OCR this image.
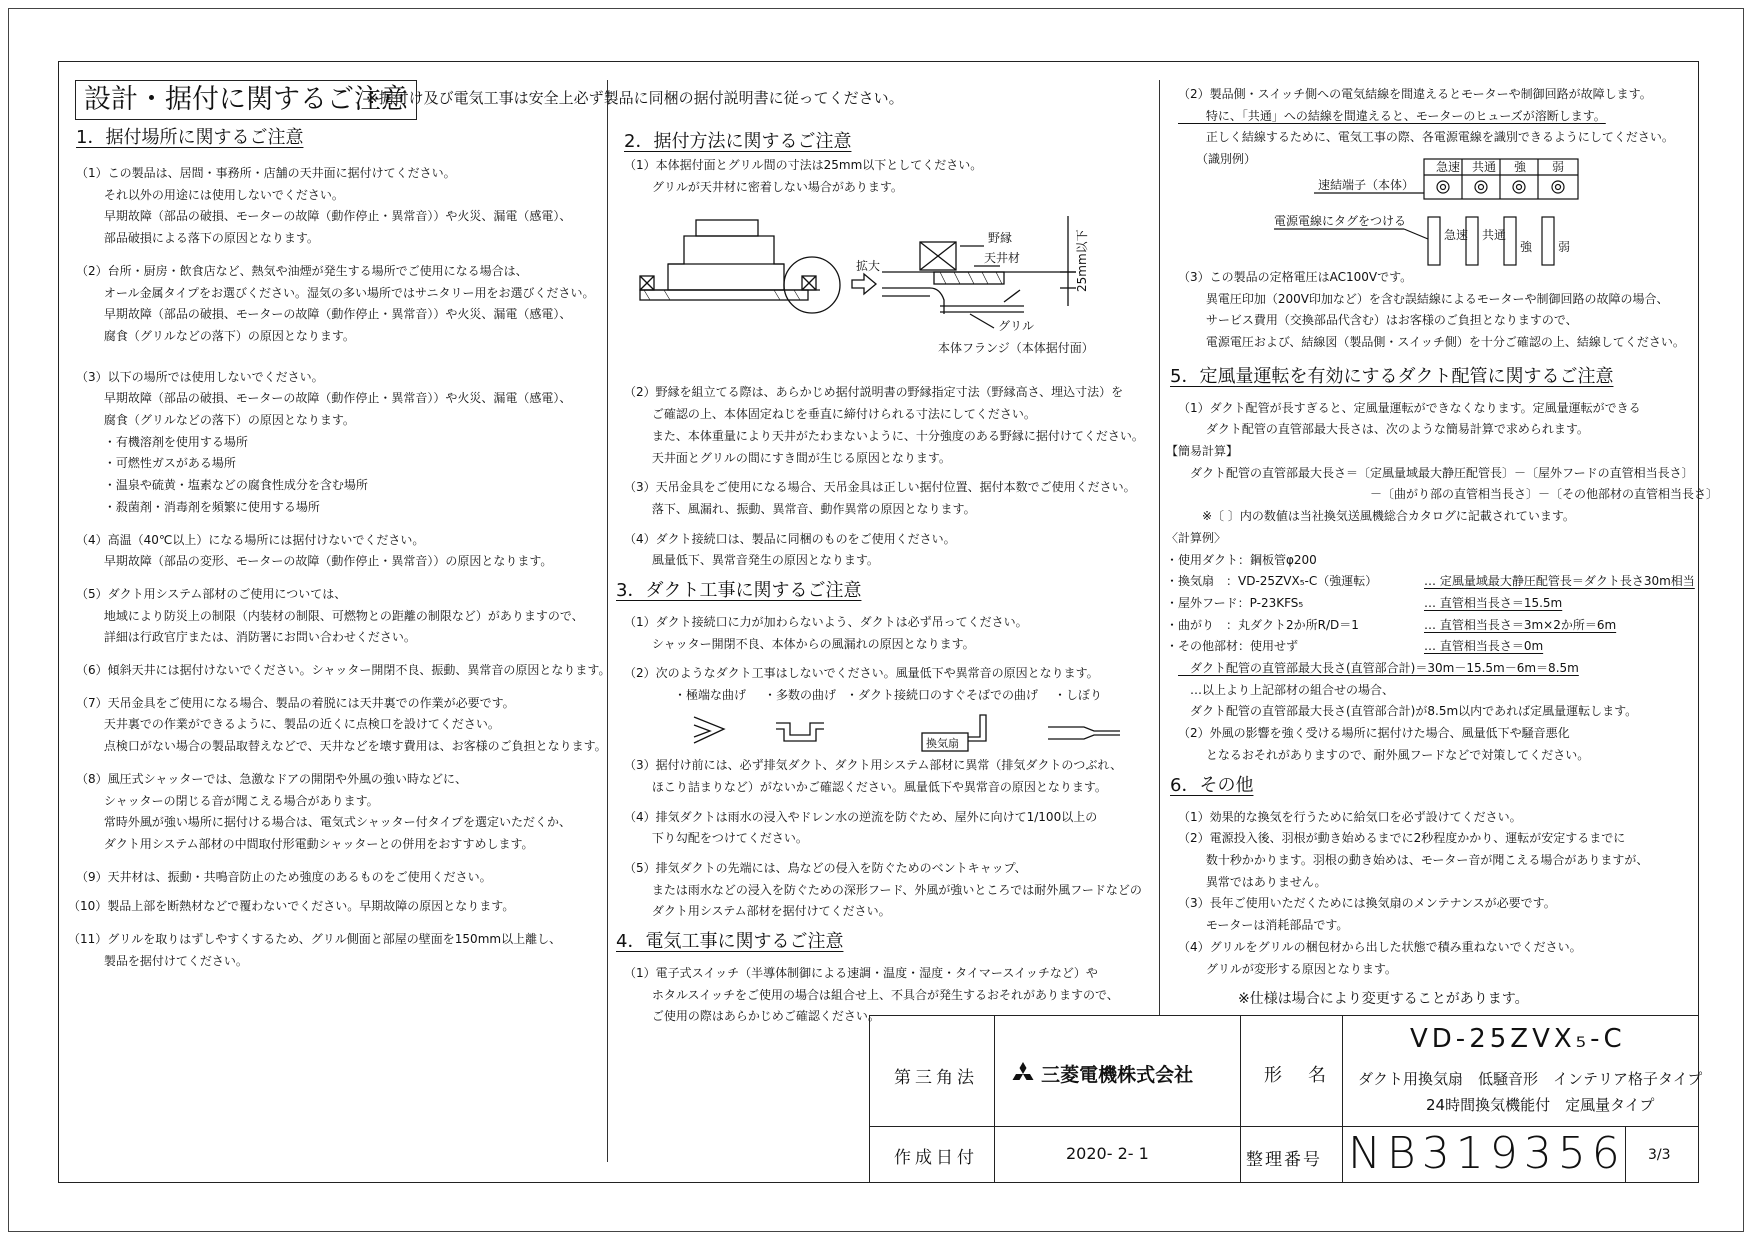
設計・据付に関するご注意
※据付け及び電気工事は安全上必ず製品に同梱の据付説明書に従ってください。
1．据付場所に関するご注意

（1）この製品は、居間・事務所・店舗の天井面に据付けてください。

　　 それ以外の用途には使用しないでください。

　　 早期故障（部品の破損、モーターの故障（動作停止・異常音））や火災、漏電（感電）、

　　 部品破損による落下の原因となります。

（2）台所・厨房・飲食店など、熱気や油煙が発生する場所でご使用になる場合は、

　　 オール金属タイプをお選びください。湿気の多い場所ではサニタリー用をお選びください。

　　 早期故障（部品の破損、モーターの故障（動作停止・異常音））や火災、漏電（感電）、

　　 腐食（グリルなどの落下）の原因となります。

（3）以下の場所では使用しないでください。

　　 早期故障（部品の破損、モーターの故障（動作停止・異常音））や火災、漏電（感電）、

　　 腐食（グリルなどの落下）の原因となります。

　　 ・有機溶剤を使用する場所

　　 ・可燃性ガスがある場所

　　 ・温泉や硫黄・塩素などの腐食性成分を含む場所

　　 ・殺菌剤・消毒剤を頻繁に使用する場所

（4）高温（40℃以上）になる場所には据付けないでください。

　　 早期故障（部品の変形、モーターの故障（動作停止・異常音））の原因となります。

（5）ダクト用システム部材のご使用については、

　　 地域により防災上の制限（内装材の制限、可燃物との距離の制限など）がありますので、

　　 詳細は行政官庁または、消防署にお問い合わせください。

（6）傾斜天井には据付けないでください。シャッター開閉不良、振動、異常音の原因となります。

（7）天吊金具をご使用になる場合、製品の着脱には天井裏での作業が必要です。

　　 天井裏での作業ができるように、製品の近くに点検口を設けてください。

　　 点検口がない場合の製品取替えなどで、天井などを壊す費用は、お客様のご負担となります。

（8）風圧式シャッターでは、急激なドアの開閉や外風の強い時などに、

　　 シャッターの閉じる音が聞こえる場合があります。

　　 常時外風が強い場所に据付ける場合は、電気式シャッター付タイプを選定いただくか、

　　 ダクト用システム部材の中間取付形電動シャッターとの併用をおすすめします。

（9）天井材は、振動・共鳴音防止のため強度のあるものをご使用ください。

（10）製品上部を断熱材などで覆わないでください。早期故障の原因となります。

（11）グリルを取りはずしやすくするため、グリル側面と部屋の壁面を150mm以上離し、

　　 製品を据付けてください。

2．据付方法に関するご注意

（1）本体据付面とグリル間の寸法は25mm以下としてください。

　　 グリルが天井材に密着しない場合があります。

野縁
天井材
グリル
本体フランジ（本体据付面）
拡大	25mm以下

（2）野縁を組立てる際は、あらかじめ据付説明書の野縁指定寸法（野縁高さ、埋込寸法）を

　　 ご確認の上、本体固定ねじを垂直に締付けられる寸法にしてください。

　　 また、本体重量により天井がたわまないように、十分強度のある野縁に据付けてください。

　　 天井面とグリルの間にすき間が生じる原因となります。

（3）天吊金具をご使用になる場合、天吊金具は正しい据付位置、据付本数でご使用ください。

　　 落下、風漏れ、振動、異常音、動作異常の原因となります。

（4）ダクト接続口は、製品に同梱のものをご使用ください。

　　 風量低下、異常音発生の原因となります。

3．ダクト工事に関するご注意

（1）ダクト接続口に力が加わらないよう、ダクトは必ず吊ってください。

　　 シャッター開閉不良、本体からの風漏れの原因となります。

（2）次のようなダクト工事はしないでください。風量低下や異常音の原因となります。

・極端な曲げ ・多数の曲げ ・ダクト接続口のすぐそばでの曲げ ・しぼり
換気扇

（3）据付け前には、必ず排気ダクト、ダクト用システム部材に異常（排気ダクトのつぶれ、

　　 ほこり詰まりなど）がないかご確認ください。風量低下や異常音の原因となります。

（4）排気ダクトは雨水の浸入やドレン水の逆流を防ぐため、屋外に向けて1/100以上の

　　 下り勾配をつけてください。

（5）排気ダクトの先端には、鳥などの侵入を防ぐためのベントキャップ、

　　 または雨水などの浸入を防ぐための深形フード、外風が強いところでは耐外風フードなどの

　　 ダクト用システム部材を据付けてください。

4．電気工事に関するご注意

（1）電子式スイッチ（半導体制御による速調・温度・湿度・タイマースイッチなど）や

　　 ホタルスイッチをご使用の場合は組合せ上、不具合が発生するおそれがありますので、

　　 ご使用の際はあらかじめご確認ください。

（2）製品側・スイッチ側への電気結線を間違えるとモーターや制御回路が故障します。

　　 特に、「共通」への結線を間違えると、モーターのヒューズが溶断します。

　　 正しく結線するために、電気工事の際、各電源電線を識別できるようにしてください。

　　（識別例）

急速 共通 強 弱
速結端子（本体）
電源電線にタグをつける
急速 共通
強 弱

（3）この製品の定格電圧はAC100Vです。

　　 異電圧印加（200V印加など）を含む誤結線によるモーターや制御回路の故障の場合、

　　 サービス費用（交換部品代含む）はお客様のご負担となりますので、

　　 電源電圧および、結線図（製品側・スイッチ側）を十分ご確認の上、結線してください。

5．定風量運転を有効にするダクト配管に関するご注意

（1）ダクト配管が長すぎると、定風量運転ができなくなります。定風量運転ができる

　　 ダクト配管の直管部最大長さは、次のような簡易計算で求められます。

【簡易計算】

　ダクト配管の直管部最大長さ＝〔定風量域最大静圧配管長〕－〔屋外フードの直管相当長さ〕

　　　　　　　　　　　　　　　　－〔曲がり部の直管相当長さ〕－〔その他部材の直管相当長さ〕

　　※〔 〕内の数値は当社換気送風機総合カタログに記載されています。

〈計算例〉

・使用ダクト：鋼板管φ200
・換気扇　：VD-25ZVX₅-C（強運転）	… 定風量域最大静圧配管長＝ダクト長さ30m相当
・屋外フード：P-23KFS₅	… 直管相当長さ＝15.5m
・曲がり　：丸ダクト2か所R/D＝1	… 直管相当長さ＝3m×2か所＝6m
・その他部材：使用せず	… 直管相当長さ＝0m

　ダクト配管の直管部最大長さ(直管部合計)＝30m－15.5m－6m＝8.5m

　…以上より上記部材の組合せの場合、

　ダクト配管の直管部最大長さ(直管部合計)が8.5m以内であれば定風量運転します。

（2）外風の影響を強く受ける場所に据付けた場合、風量低下や騒音悪化

　　 となるおそれがありますので、耐外風フードなどで対策してください。

6．その他

（1）効果的な換気を行うために給気口を必ず設けてください。

（2）電源投入後、羽根が動き始めるまでに2秒程度かかり、運転が安定するまでに

　　 数十秒かかります。羽根の動き始めは、モーター音が聞こえる場合がありますが、

　　 異常ではありません。

（3）長年ご使用いただくためには換気扇のメンテナンスが必要です。

　　 モーターは消耗部品です。

（4）グリルをグリルの梱包材から出した状態で積み重ねないでください。

　　 グリルが変形する原因となります。

※仕様は場合により変更することがあります。
第三角法	三菱電機株式会社	形　名
VD-25ZVX₅-C
ダクト用換気扇　低騒音形　インテリア格子タイプ
24時間換気機能付　定風量タイプ
作成日付	2020- 2- 1	整理番号 NB319356 3/3
